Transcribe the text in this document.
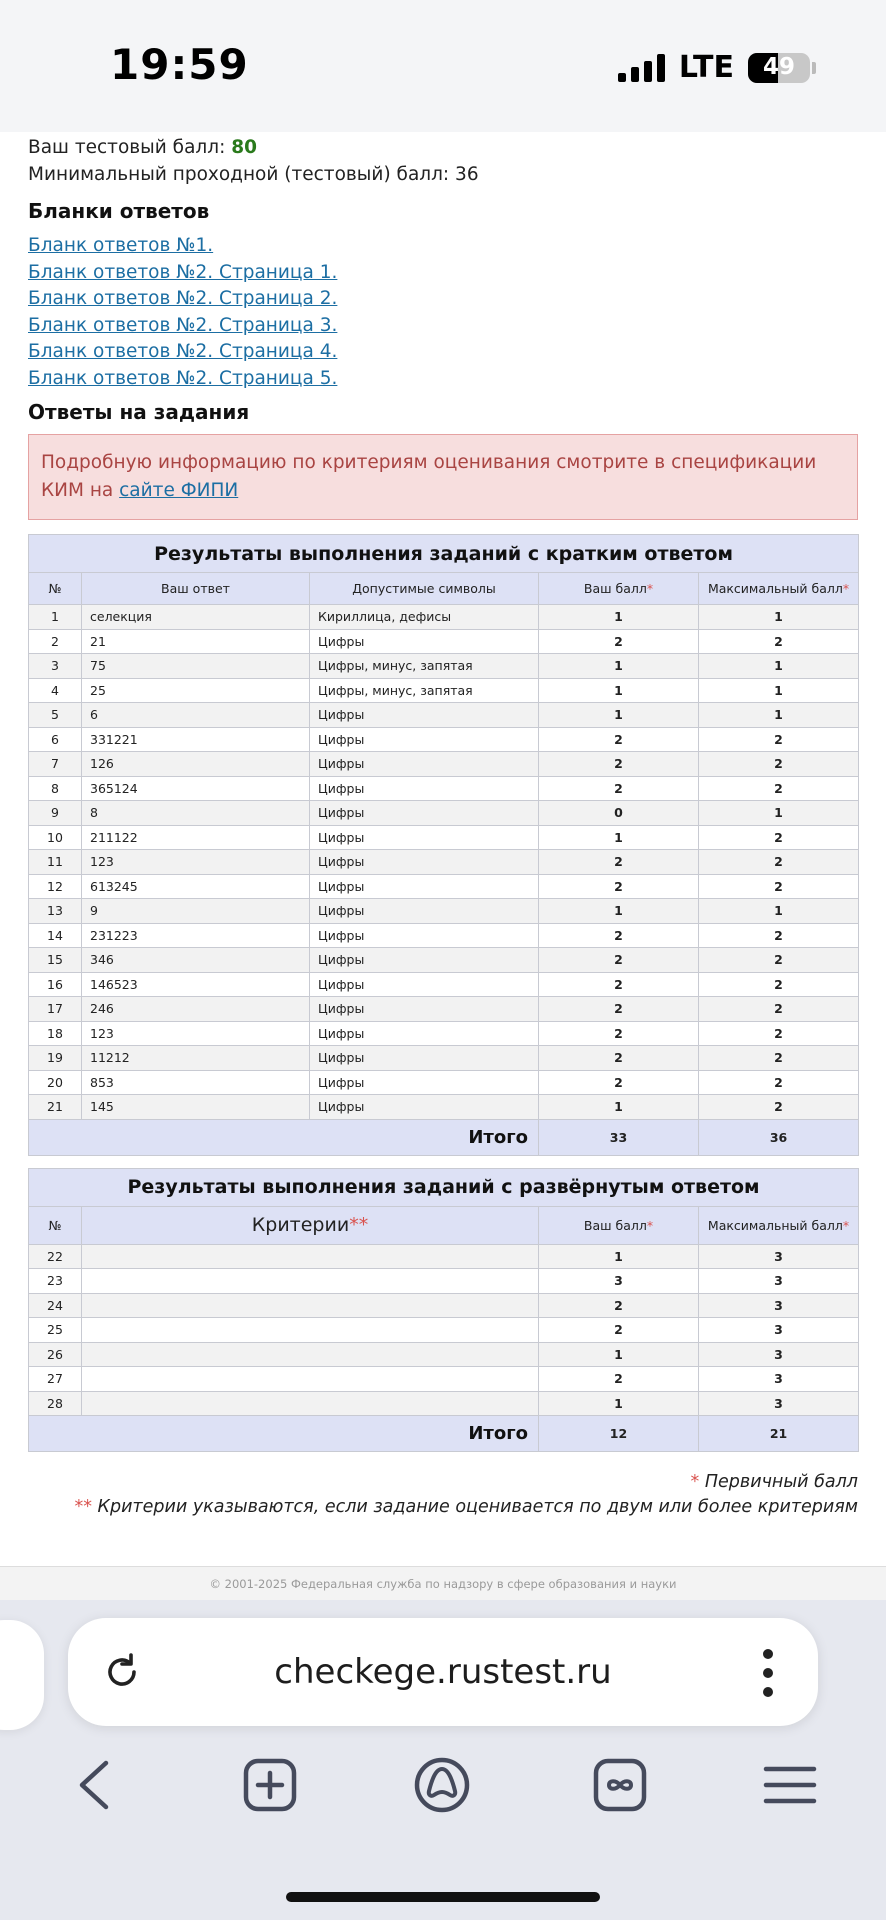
19:59	LTE	49
Ваш тестовый балл: 80
Минимальный проходной (тестовый) балл: 36
Бланки ответов
Бланк ответов №1.
Бланк ответов №2. Страница 1.
Бланк ответов №2. Страница 2.
Бланк ответов №2. Страница 3.
Бланк ответов №2. Страница 4.
Бланк ответов №2. Страница 5.
Ответы на задания
Подробную информацию по критериям оценивания смотрите в спецификации КИМ на сайте ФИПИ
Результаты выполнения заданий с кратким ответом				
№	Ваш ответ	Допустимые символы	Ваш балл*	Максимальный балл*
1	селекция	Кириллица, дефисы	1	1
2	21	Цифры	2	2
3	75	Цифры, минус, запятая	1	1
4	25	Цифры, минус, запятая	1	1
5	6	Цифры	1	1
6	331221	Цифры	2	2
7	126	Цифры	2	2
8	365124	Цифры	2	2
9	8	Цифры	0	1
10	211122	Цифры	1	2
11	123	Цифры	2	2
12	613245	Цифры	2	2
13	9	Цифры	1	1
14	231223	Цифры	2	2
15	346	Цифры	2	2
16	146523	Цифры	2	2
17	246	Цифры	2	2
18	123	Цифры	2	2
19	11212	Цифры	2	2
20	853	Цифры	2	2
21	145	Цифры	1	2
Итого			33	36
Результаты выполнения заданий с развёрнутым ответом			
№	Критерии**	Ваш балл*	Максимальный балл*
22		1	3
23		3	3
24		2	3
25		2	3
26		1	3
27		2	3
28		1	3
Итого		12	21
* Первичный балл
** Критерии указываются, если задание оценивается по двум или более критериям
© 2001-2025 Федеральная служба по надзору в сфере образования и науки
checkege.rustest.ru
